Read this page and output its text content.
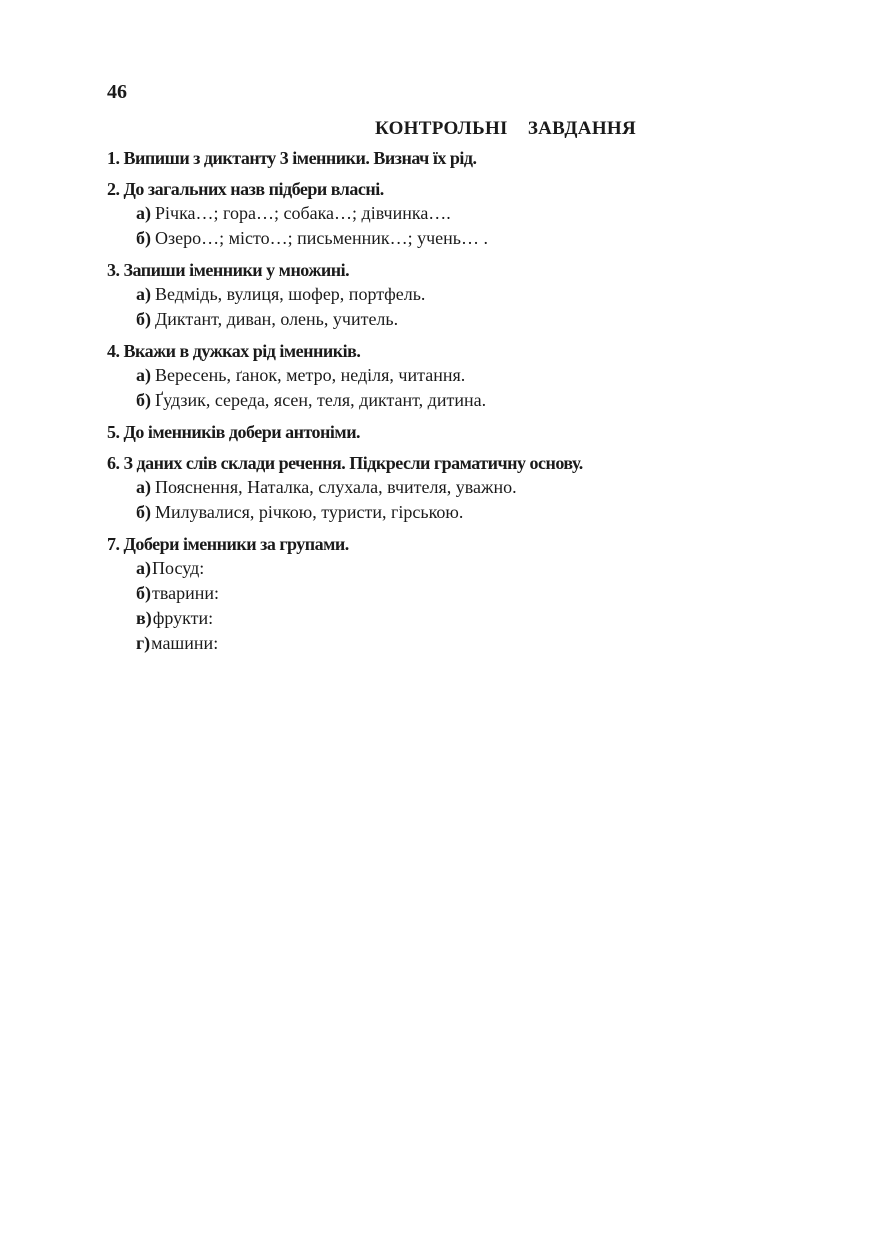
46
КОНТРОЛЬНІ  ЗАВДАННЯ
1. Випиши з диктанту 3 іменники. Визнач їх рід.
2. До загальних назв підбери власні.
а) Річка…; гора…; собака…; дівчинка….
б) Озеро…; місто…; письменник…; учень… .
3. Запиши іменники у множині.
а) Ведмідь, вулиця, шофер, портфель.
б) Диктант, диван, олень, учитель.
4. Вкажи в дужках рід іменників.
а) Вересень, ґанок, метро, неділя, читання.
б) Ґудзик, середа, ясен, теля, диктант, дитина.
5. До іменників добери антоніми.
6. З даних слів склади речення. Підкресли граматичну основу.
а) Пояснення, Наталка, слухала, вчителя, уважно.
б) Милувалися, річкою, туристи, гірською.
7. Добери іменники за групами.
а)Посуд:
б)тварини:
в)фрукти:
г)машини:
